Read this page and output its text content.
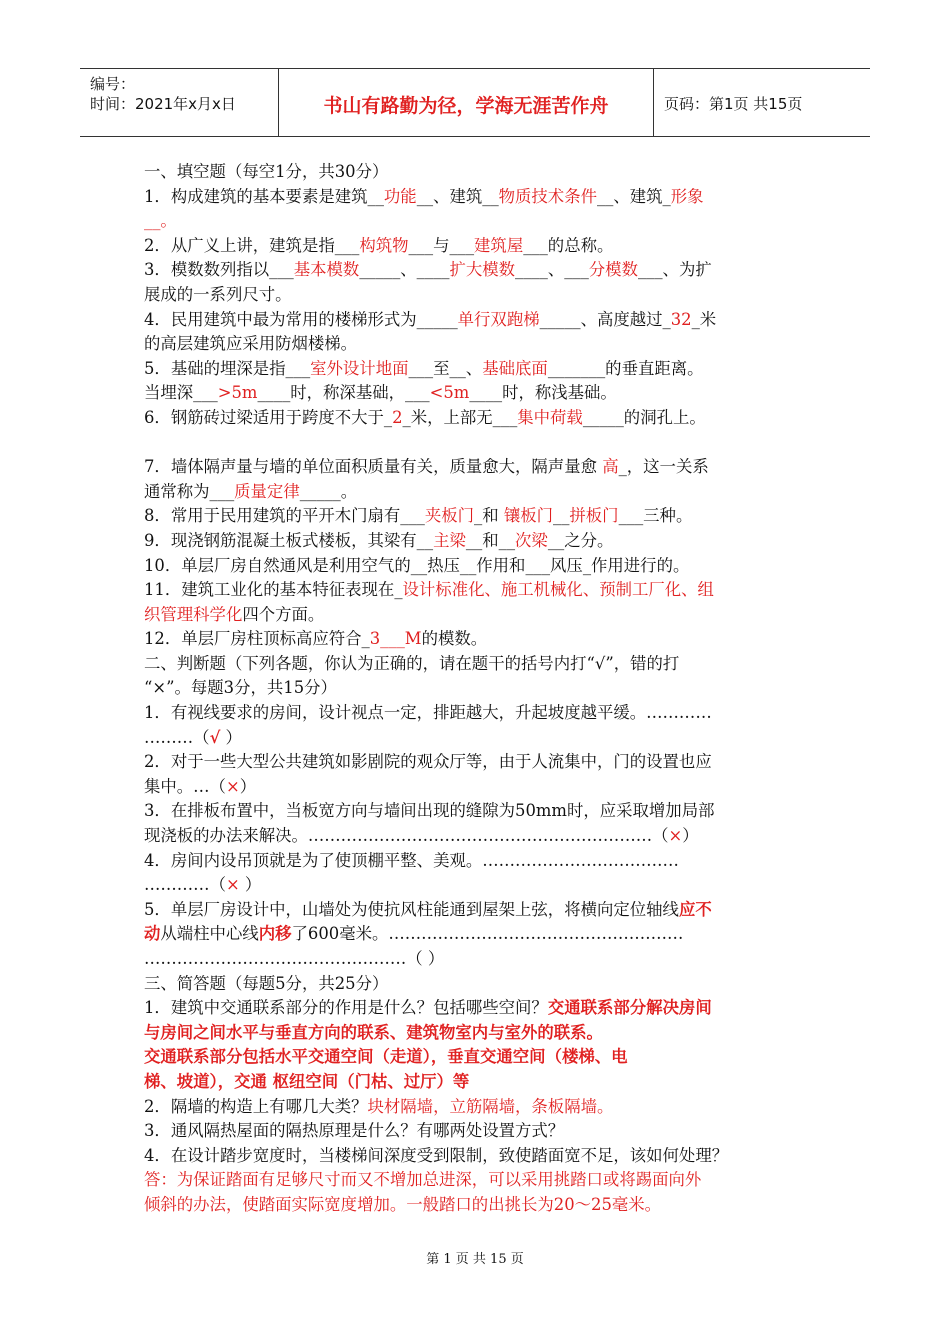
编号：
时间：2021年x月x日	书山有路勤为径，学海无涯苦作舟	页码：第1页 共15页
一、填空题（每空1分，共30分）
1．构成建筑的基本要素是建筑__功能__、建筑__物质技术条件__、建筑_形象
__。
2．从广义上讲，建筑是指___构筑物___与___建筑屋___的总称。
3．模数数列指以___基本模数_____、____扩大模数____、___分模数___、为扩
展成的一系列尺寸。
4．民用建筑中最为常用的楼梯形式为_____单行双跑梯_____、高度越过_32_米
的高层建筑应采用防烟楼梯。
5．基础的埋深是指___室外设计地面___至__、基础底面_______的垂直距离。
当埋深___>5m____时，称深基础，___<5m____时，称浅基础。
6．钢筋砖过梁适用于跨度不大于_2_米，上部无___集中荷载_____的洞孔上。
7．墙体隔声量与墙的单位面积质量有关，质量愈大，隔声量愈 高_，这一关系
通常称为___质量定律_____。
8．常用于民用建筑的平开木门扇有___夹板门_和 镶板门__拼板门___三种。
9．现浇钢筋混凝土板式楼板，其梁有__主梁__和__次梁__之分。
10．单层厂房自然通风是利用空气的__热压__作用和___风压_作用进行的。
11．建筑工业化的基本特征表现在_设计标准化、施工机械化、预制工厂化、组
织管理科学化四个方面。
12．单层厂房柱顶标高应符合_3___M的模数。
二、判断题（下列各题，你认为正确的，请在题干的括号内打“√”，错的打
“×”。每题3分，共15分）
1．有视线要求的房间，设计视点一定，排距越大，升起坡度越平缓。…………
………（√ ）
2．对于一些大型公共建筑如影剧院的观众厅等，由于人流集中，门的设置也应
集中。…（×）
3．在排板布置中，当板宽方向与墙间出现的缝隙为50mm时，应采取增加局部
现浇板的办法来解决。………………………………………………………（×）
4．房间内设吊顶就是为了使顶棚平整、美观。………………………………
…………（× ）
5．单层厂房设计中，山墙处为使抗风柱能通到屋架上弦，将横向定位轴线应不
动从端柱中心线内移了600毫米。………………………………………………
…………………………………………（ ）
三、简答题（每题5分，共25分）
1．建筑中交通联系部分的作用是什么？包括哪些空间？交通联系部分解决房间
与房间之间水平与垂直方向的联系、建筑物室内与室外的联系。
交通联系部分包括水平交通空间（走道），垂直交通空间（楼梯、电
梯、坡道），交通 枢纽空间（门枯、过厅）等
2．隔墙的构造上有哪几大类？块材隔墙，立筋隔墙，条板隔墙。
3．通风隔热屋面的隔热原理是什么？有哪两处设置方式？
4．在设计踏步宽度时，当楼梯间深度受到限制，致使踏面宽不足，该如何处理？
答：为保证踏面有足够尺寸而又不增加总进深，可以采用挑踏口或将踢面向外
倾斜的办法，使踏面实际宽度增加。一般踏口的出挑长为20～25毫米。
第 1 页 共 15 页
